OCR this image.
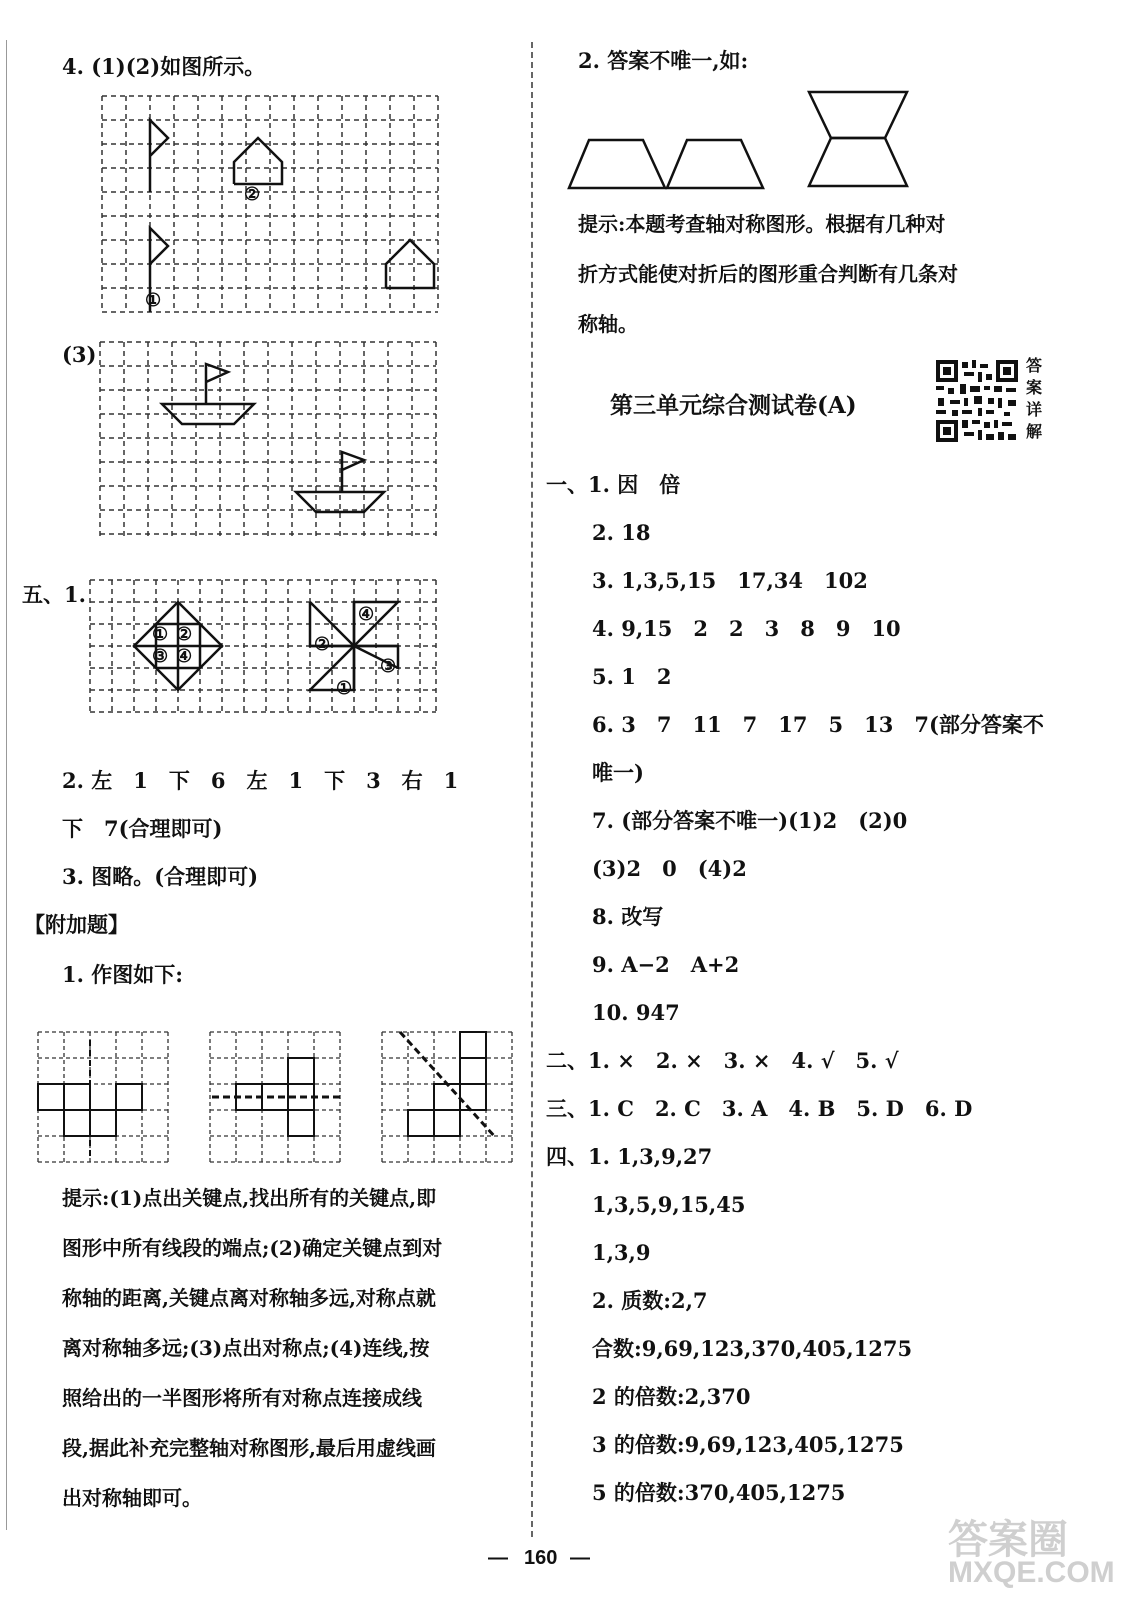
4. (1)(2)如图所示。
②
①
(3)
五、1.
① ②
③ ④
④
②
③
①
2. 左　1　下　6　左　1　下　3　右　1
下　7(合理即可)
3. 图略。(合理即可)
【附加题】
1. 作图如下:
提示:(1)点出关键点,找出所有的关键点,即
图形中所有线段的端点;(2)确定关键点到对
称轴的距离,关键点离对称轴多远,对称点就
离对称轴多远;(3)点出对称点;(4)连线,按
照给出的一半图形将所有对称点连接成线
段,据此补充完整轴对称图形,最后用虚线画
出对称轴即可。
2. 答案不唯一,如:
提示:本题考查轴对称图形。根据有几种对
折方式能使对折后的图形重合判断有几条对
称轴。
第三单元综合测试卷(A)
答
案
详
解
一、1. 因　倍
2. 18
3. 1,3,5,15　17,34　102
4. 9,15　2　2　3　8　9　10
5. 1　2
6. 3　7　11　7　17　5　13　7(部分答案不
唯一)
7. (部分答案不唯一)(1)2　(2)0
(3)2　0　(4)2
8. 改写
9. A−2　A+2
10. 947
二、1. ×　2. ×　3. ×　4. √　5. √
三、1. C　2. C　3. A　4. B　5. D　6. D
四、1. 1,3,9,27
1,3,5,9,15,45
1,3,9
2. 质数:2,7
合数:9,69,123,370,405,1275
2 的倍数:2,370
3 的倍数:9,69,123,405,1275
5 的倍数:370,405,1275
— 160 —	答案圈
MXQE.COM
